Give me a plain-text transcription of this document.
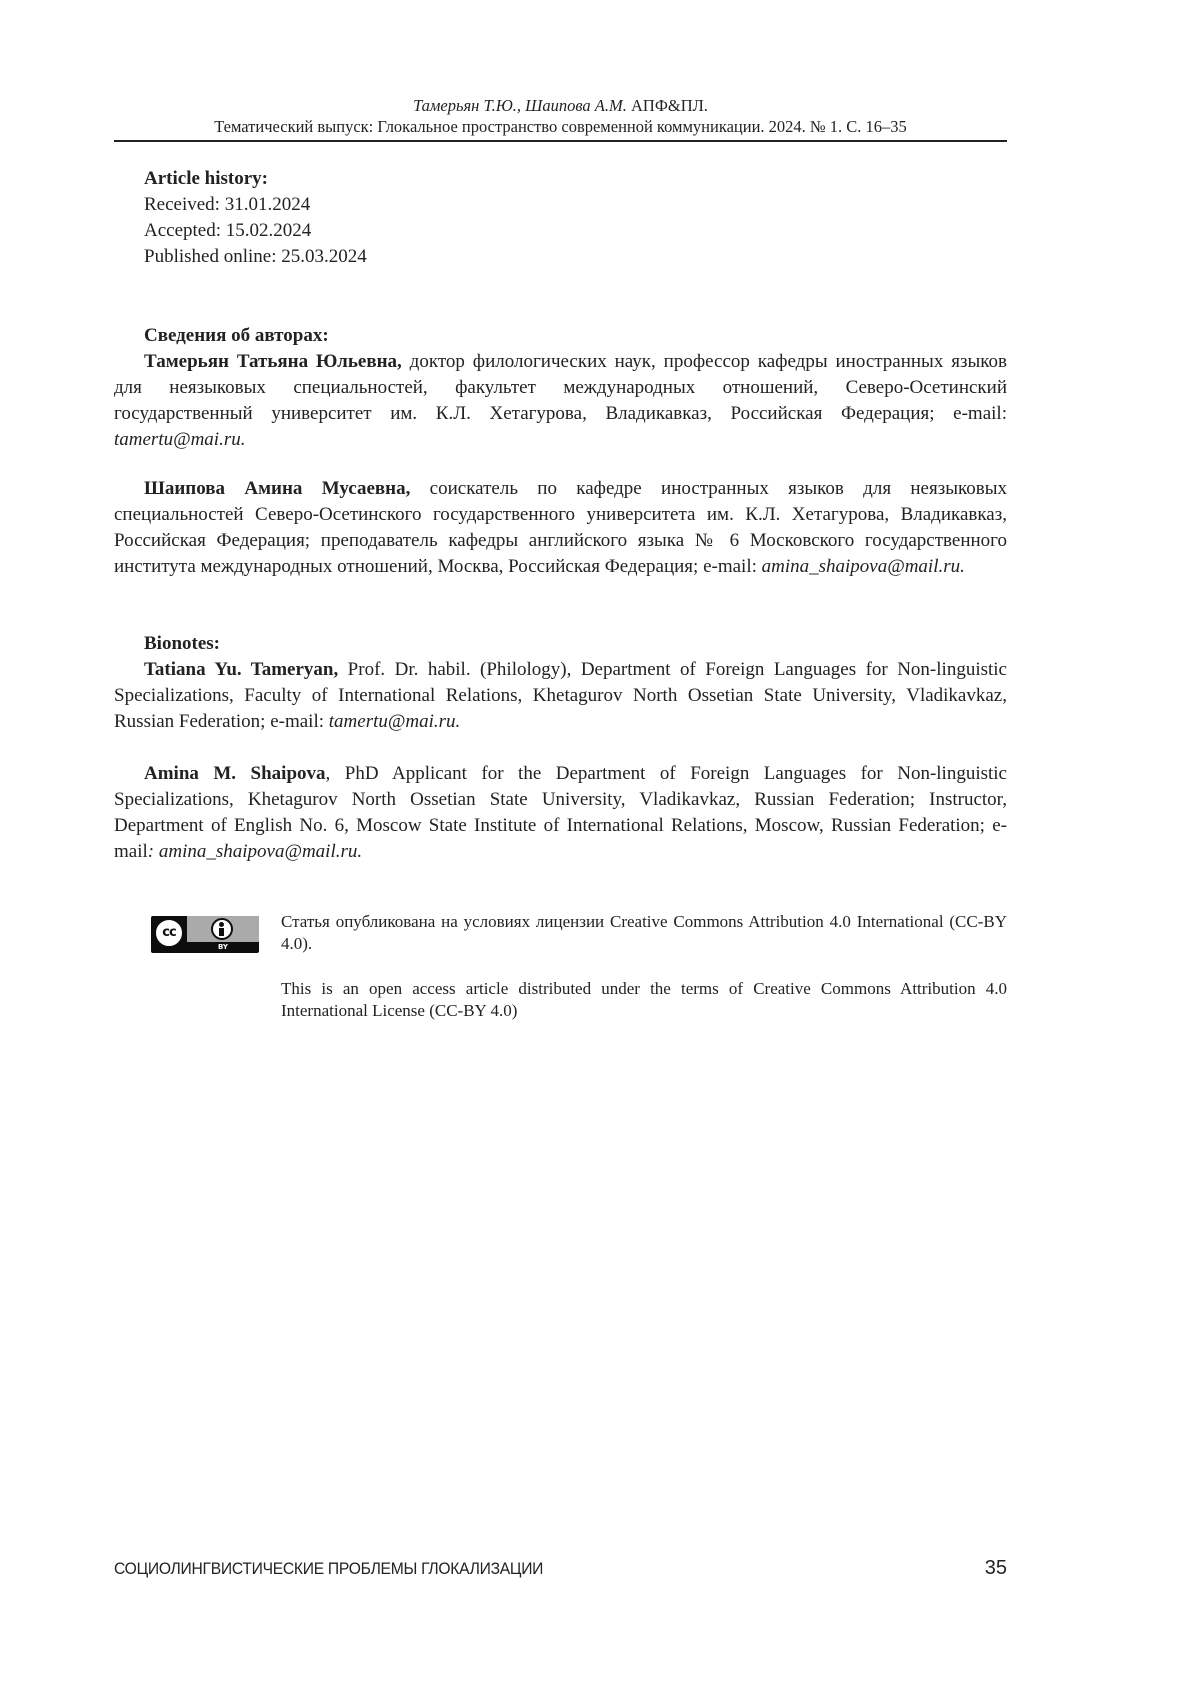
Тамерьян Т.Ю., Шаипова А.М. АПФ&ПЛ.
Тематический выпуск: Глокальное пространство современной коммуникации. 2024. № 1. С. 16–35
Article history:
Received: 31.01.2024
Accepted: 15.02.2024
Published online: 25.03.2024
Сведения об авторах:

Тамерьян Татьяна Юльевна, доктор филологических наук, профессор кафедры иностранных языков для неязыковых специальностей, факультет международных отношений, Северо-Осетинский государственный университет им. К.Л. Хетагурова, Владикавказ, Российская Федерация; e-mail: tamertu@mai.ru.

Шаипова Амина Мусаевна, соискатель по кафедре иностранных языков для неязыковых специальностей Северо-Осетинского государственного университета им. К.Л. Хетагурова, Владикавказ, Российская Федерация; преподаватель кафедры английского языка № 6 Московского государственного института международных отношений, Москва, Российская Федерация; e-mail: amina_shaipova@mail.ru.

Bionotes:

Tatiana Yu. Tameryan, Prof. Dr. habil. (Philology), Department of Foreign Languages for Non-linguistic Specializations, Faculty of International Relations, Khetagurov North Ossetian State University, Vladikavkaz, Russian Federation; e-mail: tamertu@mai.ru.

Amina M. Shaipova, PhD Applicant for the Department of Foreign Languages for Non-linguistic Specializations, Khetagurov North Ossetian State University, Vladikavkaz, Russian Federation; Instructor, Department of English No. 6, Moscow State Institute of International Relations, Moscow, Russian Federation; e-mail: amina_shaipova@mail.ru.

cc
BY
Статья опубликована на условиях лицензии Creative Commons Attribution 4.0 International (CC-BY 4.0).
This is an open access article distributed under the terms of Creative Commons Attribution 4.0 International License (CC-BY 4.0)
СОЦИОЛИНГВИСТИЧЕСКИЕ ПРОБЛЕМЫ ГЛОКАЛИЗАЦИИ	35
